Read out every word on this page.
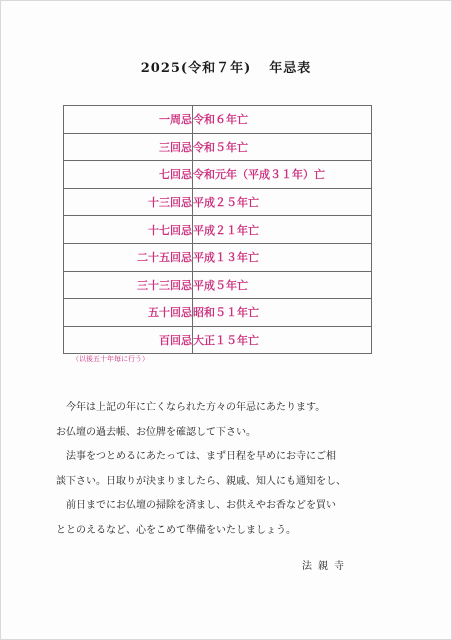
2025(令和７年) 年忌表
一周忌	令和６年亡
三回忌	令和５年亡
七回忌	令和元年（平成３１年）亡
十三回忌	平成２５年亡
十七回忌	平成２１年亡
二十五回忌	平成１３年亡
三十三回忌	平成５年亡
五十回忌	昭和５１年亡
百回忌	大正１５年亡
（以後五十年毎に行う）

　今年は上記の年に亡くなられた方々の年忌にあたります。

お仏壇の過去帳、お位牌を確認して下さい。

　法事をつとめるにあたっては、まず日程を早めにお寺にご相

談下さい。日取りが決まりましたら、親戚、知人にも通知をし、

　前日までにお仏壇の掃除を済まし、お供えやお香などを買い

ととのえるなど、心をこめて準備をいたしましょう。

法親寺
